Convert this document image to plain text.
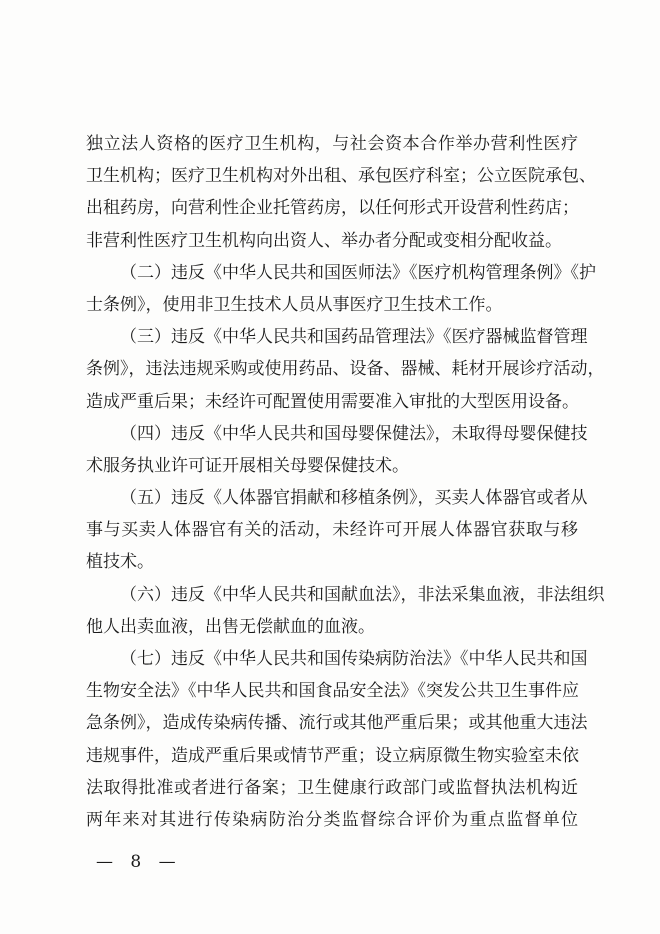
独立法人资格的医疗卫生机构，与社会资本合作举办营利性医疗
卫生机构；医疗卫生机构对外出租、承包医疗科室；公立医院承包、
出租药房，向营利性企业托管药房，以任何形式开设营利性药店；
非营利性医疗卫生机构向出资人、举办者分配或变相分配收益。
（二）违反《中华人民共和国医师法》《医疗机构管理条例》《护
士条例》，使用非卫生技术人员从事医疗卫生技术工作。
（三）违反《中华人民共和国药品管理法》《医疗器械监督管理
条例》，违法违规采购或使用药品、设备、器械、耗材开展诊疗活动，
造成严重后果；未经许可配置使用需要准入审批的大型医用设备。
（四）违反《中华人民共和国母婴保健法》，未取得母婴保健技
术服务执业许可证开展相关母婴保健技术。
（五）违反《人体器官捐献和移植条例》，买卖人体器官或者从
事与买卖人体器官有关的活动，未经许可开展人体器官获取与移
植技术。
（六）违反《中华人民共和国献血法》，非法采集血液，非法组织
他人出卖血液，出售无偿献血的血液。
（七）违反《中华人民共和国传染病防治法》《中华人民共和国
生物安全法》《中华人民共和国食品安全法》《突发公共卫生事件应
急条例》，造成传染病传播、流行或其他严重后果；或其他重大违法
违规事件，造成严重后果或情节严重；设立病原微生物实验室未依
法取得批准或者进行备案；卫生健康行政部门或监督执法机构近
两年来对其进行传染病防治分类监督综合评价为重点监督单位
— 8 —
